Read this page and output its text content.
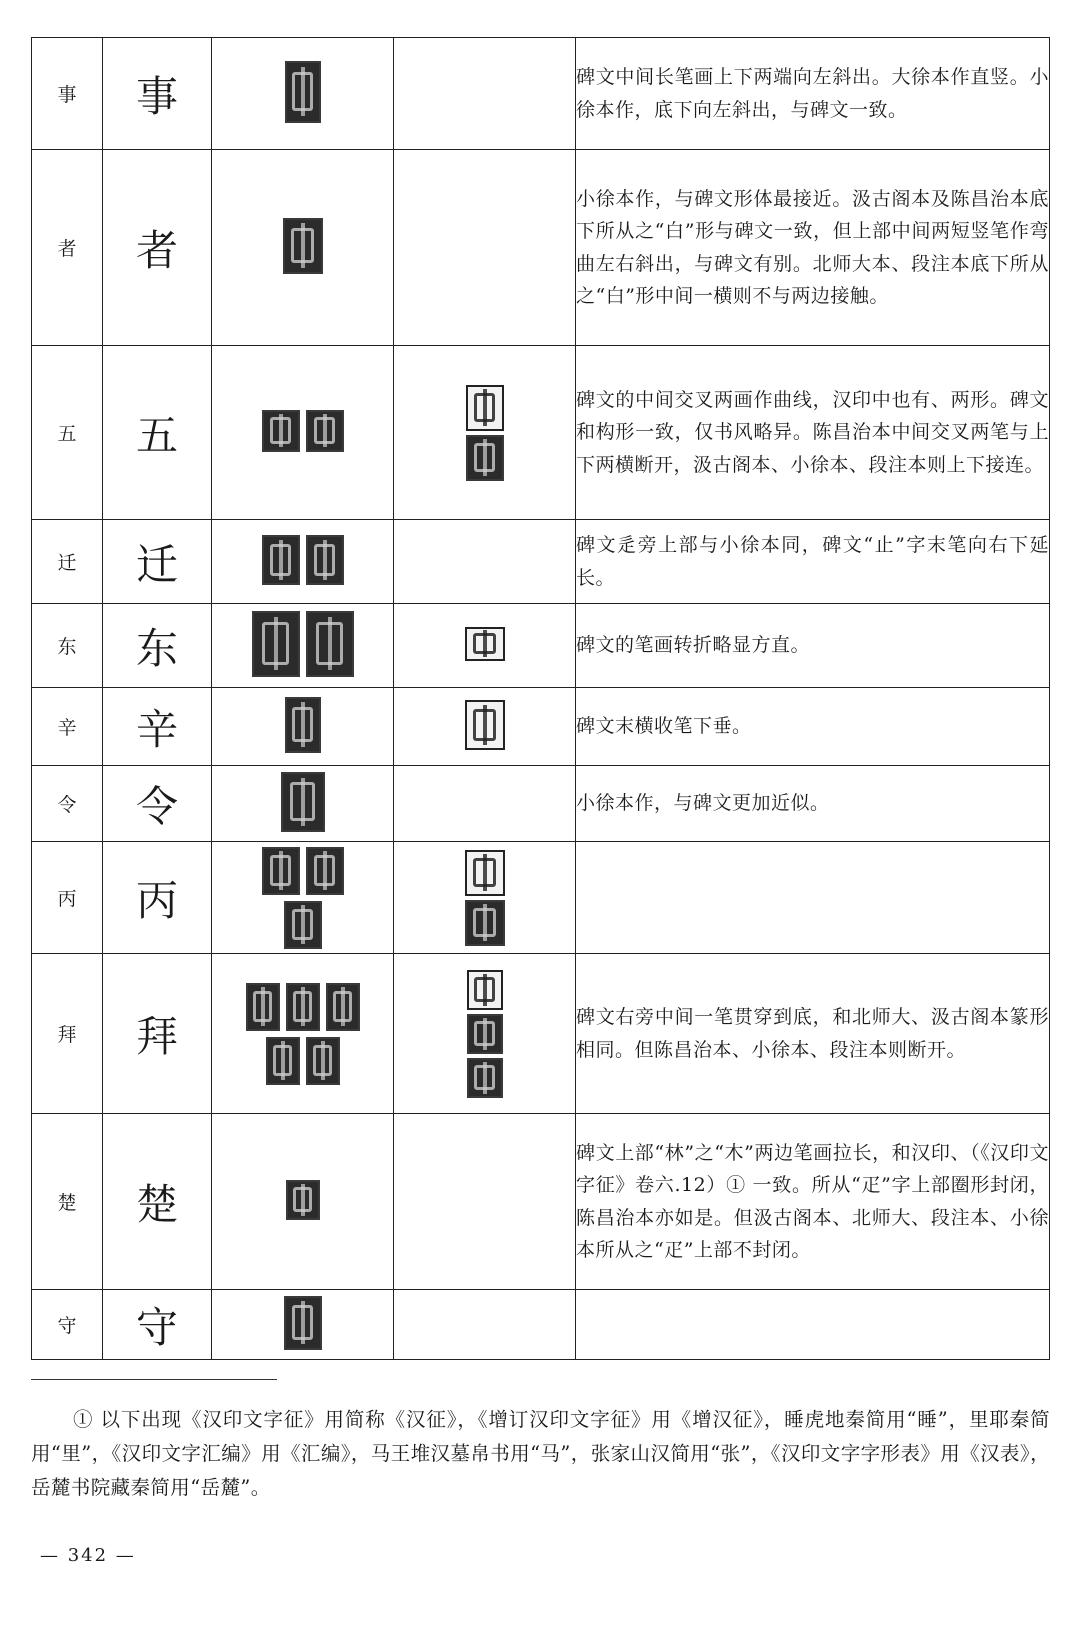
事	事			碑文中间长笔画上下两端向左斜出。大徐本作直竖。小徐本作，底下向左斜出，与碑文一致。
者	者			小徐本作，与碑文形体最接近。汲古阁本及陈昌治本底下所从之“白”形与碑文一致，但上部中间两短竖笔作弯曲左右斜出，与碑文有别。北师大本、段注本底下所从之“白”形中间一横则不与两边接触。
五	五			碑文的中间交叉两画作曲线，汉印中也有、两形。碑文和构形一致，仅书风略异。陈昌治本中间交叉两笔与上下两横断开，汲古阁本、小徐本、段注本则上下接连。
迁	迁			碑文辵旁上部与小徐本同，碑文“止”字末笔向右下延长。
东	东			碑文的笔画转折略显方直。
辛	辛			碑文末横收笔下垂。
令	令			小徐本作，与碑文更加近似。
丙	丙	

拜	拜			碑文右旁中间一笔贯穿到底，和北师大、汲古阁本篆形相同。但陈昌治本、小徐本、段注本则断开。
楚	楚			碑文上部“林”之“木”两边笔画拉长，和汉印、（《汉印文字征》卷六.12）① 一致。所从“疋”字上部圈形封闭，陈昌治本亦如是。但汲古阁本、北师大、段注本、小徐本所从之“疋”上部不封闭。
守	守			
① 以下出现《汉印文字征》用简称《汉征》，《增订汉印文字征》用《增汉征》，睡虎地秦简用“睡”，里耶秦简用“里”，《汉印文字汇编》用《汇编》，马王堆汉墓帛书用“马”，张家山汉简用“张”，《汉印文字字形表》用《汉表》，岳麓书院藏秦简用“岳麓”。
— 342 —
